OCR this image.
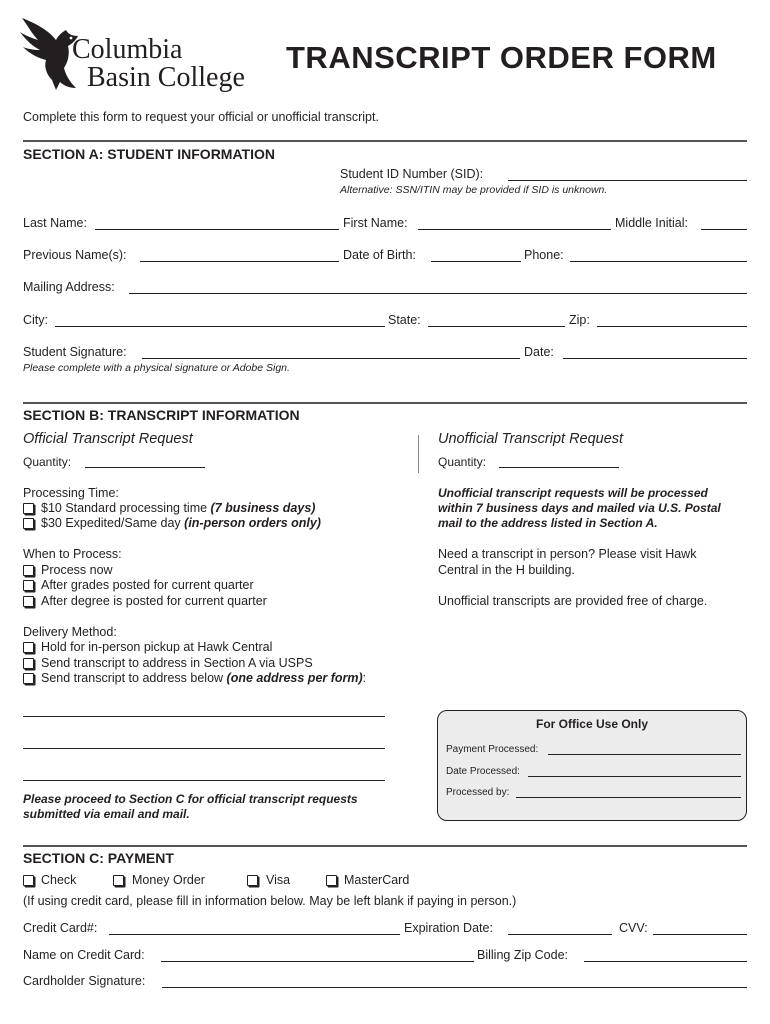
Columbia
Basin College
TRANSCRIPT ORDER FORM
Complete this form to request your official or unofficial transcript.
SECTION A: STUDENT INFORMATION
Student ID Number (SID):
Alternative: SSN/ITIN may be provided if SID is unknown.
Last Name:	First Name:	Middle Initial:
Previous Name(s):	Date of Birth:	Phone:
Mailing Address:
City:	State:	Zip:
Student Signature:	Date:
Please complete with a physical signature or Adobe Sign.
SECTION B: TRANSCRIPT INFORMATION
Official Transcript Request
Quantity:
Processing Time:
$10 Standard processing time (7 business days)
$30 Expedited/Same day (in-person orders only)
When to Process:
Process now
After grades posted for current quarter
After degree is posted for current quarter
Delivery Method:
Hold for in-person pickup at Hawk Central
Send transcript to address in Section A via USPS
Send transcript to address below (one address per form):
Please proceed to Section C for official transcript requests
submitted via email and mail.
Unofficial Transcript Request
Quantity:
Unofficial transcript requests will be processed
within 7 business days and mailed via U.S. Postal
mail to the address listed in Section A.
Need a transcript in person? Please visit Hawk
Central in the H building.
Unofficial transcripts are provided free of charge.
For Office Use Only
Payment Processed:
Date Processed:
Processed by:
SECTION C: PAYMENT
Check	Money Order	Visa	MasterCard
(If using credit card, please fill in information below. May be left blank if paying in person.)
Credit Card#:	Expiration Date:	CVV:
Name on Credit Card:	Billing Zip Code:
Cardholder Signature:
